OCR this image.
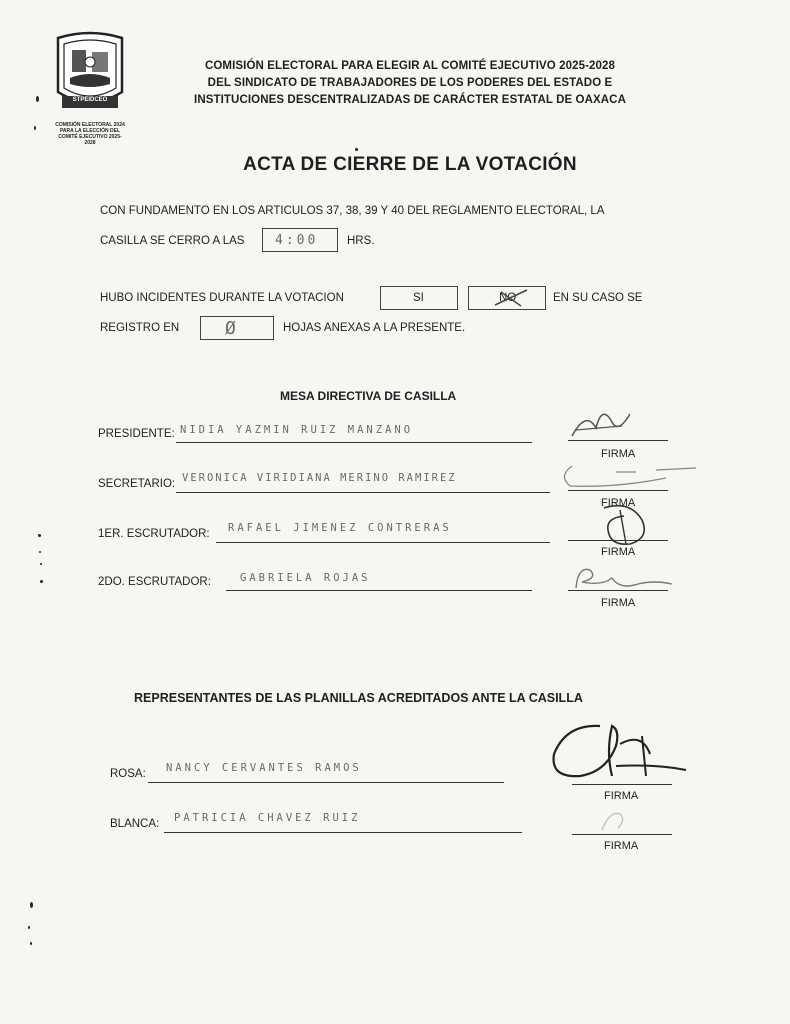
STPEIDCEO
COMISIÓN ELECTORAL 2024 PARA LA ELECCIÓN DEL COMITÉ EJECUTIVO 2025-2028
COMISIÓN ELECTORAL PARA ELEGIR AL COMITÉ EJECUTIVO 2025-2028
DEL SINDICATO DE TRABAJADORES DE LOS PODERES DEL ESTADO E
INSTITUCIONES DESCENTRALIZADAS DE CARÁCTER ESTATAL DE OAXACA
ACTA DE CIERRE DE LA VOTACIÓN
CON FUNDAMENTO EN LOS ARTICULOS 37, 38, 39 Y 40 DEL REGLAMENTO ELECTORAL, LA
CASILLA SE CERRO A LAS 4:00 HRS.
HUBO INCIDENTES DURANTE LA VOTACION	SI	NO	EN SU CASO SE
REGISTRO EN	Ø	HOJAS ANEXAS A LA PRESENTE.
MESA DIRECTIVA DE CASILLA
PRESIDENTE: NIDIA YAZMIN RUIZ MANZANO
FIRMA
SECRETARIO: VERONICA VIRIDIANA MERINO RAMIREZ
FIRMA
1ER. ESCRUTADOR: RAFAEL JIMENEZ CONTRERAS
FIRMA
2DO. ESCRUTADOR:	GABRIELA ROJAS
FIRMA
REPRESENTANTES DE LAS PLANILLAS ACREDITADOS ANTE LA CASILLA
ROSA: NANCY CERVANTES RAMOS
FIRMA
BLANCA: PATRICIA CHAVEZ RUIZ
FIRMA
